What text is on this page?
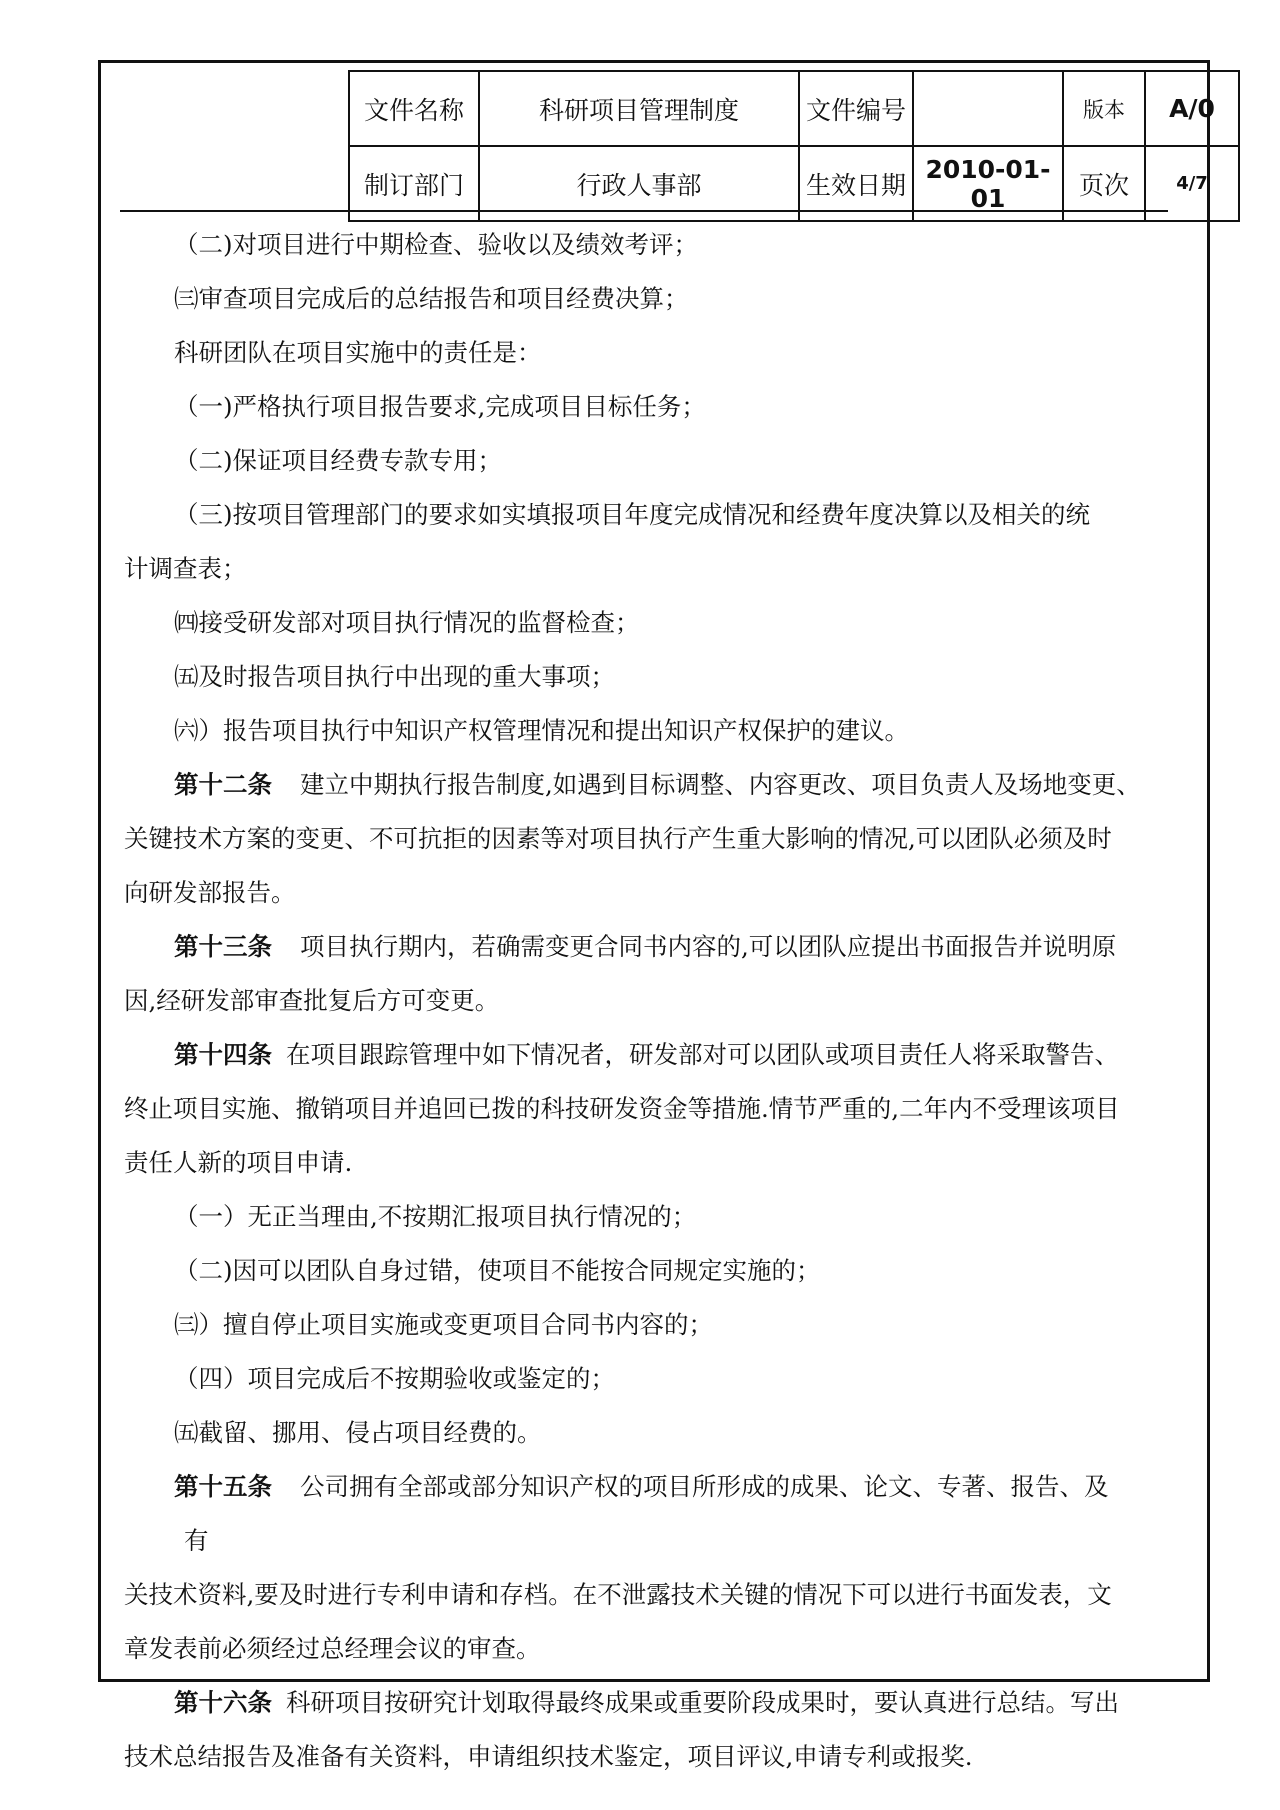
文件名称	科研项目管理制度	文件编号		版本	A/0
制订部门	行政人事部	生效日期	2010-01-01	页次	4/7

（二)对项目进行中期检查、验收以及绩效考评；

㈢审查项目完成后的总结报告和项目经费决算；

科研团队在项目实施中的责任是：

（一)严格执行项目报告要求,完成项目目标任务；

（二)保证项目经费专款专用；

（三)按项目管理部门的要求如实填报项目年度完成情况和经费年度决算以及相关的统

计调查表；

㈣接受研发部对项目执行情况的监督检查；

㈤及时报告项目执行中出现的重大事项；

㈥）报告项目执行中知识产权管理情况和提出知识产权保护的建议。

第十二条 建立中期执行报告制度,如遇到目标调整、内容更改、项目负责人及场地变更、

关键技术方案的变更、不可抗拒的因素等对项目执行产生重大影响的情况,可以团队必须及时

向研发部报告。

第十三条 项目执行期内，若确需变更合同书内容的,可以团队应提出书面报告并说明原

因,经研发部审查批复后方可变更。

第十四条 在项目跟踪管理中如下情况者，研发部对可以团队或项目责任人将采取警告、

终止项目实施、撤销项目并追回已拨的科技研发资金等措施.情节严重的,二年内不受理该项目

责任人新的项目申请.

（一）无正当理由,不按期汇报项目执行情况的；

（二)因可以团队自身过错，使项目不能按合同规定实施的；

㈢）擅自停止项目实施或变更项目合同书内容的；

（四）项目完成后不按期验收或鉴定的；

㈤截留、挪用、侵占项目经费的。

第十五条 公司拥有全部或部分知识产权的项目所形成的成果、论文、专著、报告、及

有

关技术资料,要及时进行专利申请和存档。在不泄露技术关键的情况下可以进行书面发表，文

章发表前必须经过总经理会议的审查。

第十六条 科研项目按研究计划取得最终成果或重要阶段成果时，要认真进行总结。写出

技术总结报告及准备有关资料，申请组织技术鉴定，项目评议,申请专利或报奖.
